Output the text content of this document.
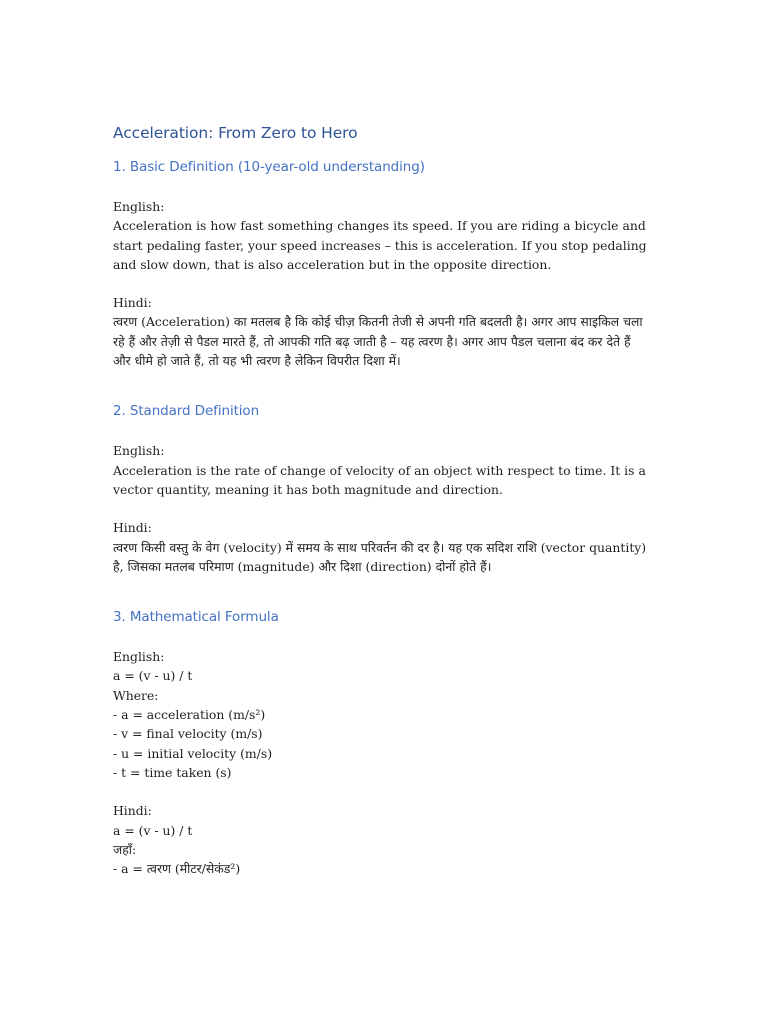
Acceleration: From Zero to Hero
1. Basic Definition (10-year-old understanding)

English:

Acceleration is how fast something changes its speed. If you are riding a bicycle and start pedaling faster, your speed increases – this is acceleration. If you stop pedaling and slow down, that is also acceleration but in the opposite direction.

Hindi:

त्वरण (Acceleration) का मतलब है कि कोई चीज़ कितनी तेजी से अपनी गति बदलती है। अगर आप साइकिल चला रहे हैं और तेज़ी से पैडल मारते हैं, तो आपकी गति बढ़ जाती है – यह त्वरण है। अगर आप पैडल चलाना बंद कर देते हैं और धीमे हो जाते हैं, तो यह भी त्वरण है लेकिन विपरीत दिशा में।

2. Standard Definition

English:

Acceleration is the rate of change of velocity of an object with respect to time. It is a vector quantity, meaning it has both magnitude and direction.

Hindi:

त्वरण किसी वस्तु के वेग (velocity) में समय के साथ परिवर्तन की दर है। यह एक सदिश राशि (vector quantity) है, जिसका मतलब परिमाण (magnitude) और दिशा (direction) दोनों होते हैं।

3. Mathematical Formula

English:

a = (v - u) / t
Where:
- a = acceleration (m/s²)
- v = final velocity (m/s)
- u = initial velocity (m/s)
- t = time taken (s)

Hindi:

a = (v - u) / t
जहाँ:
- a = त्वरण (मीटर/सेकंड²)
